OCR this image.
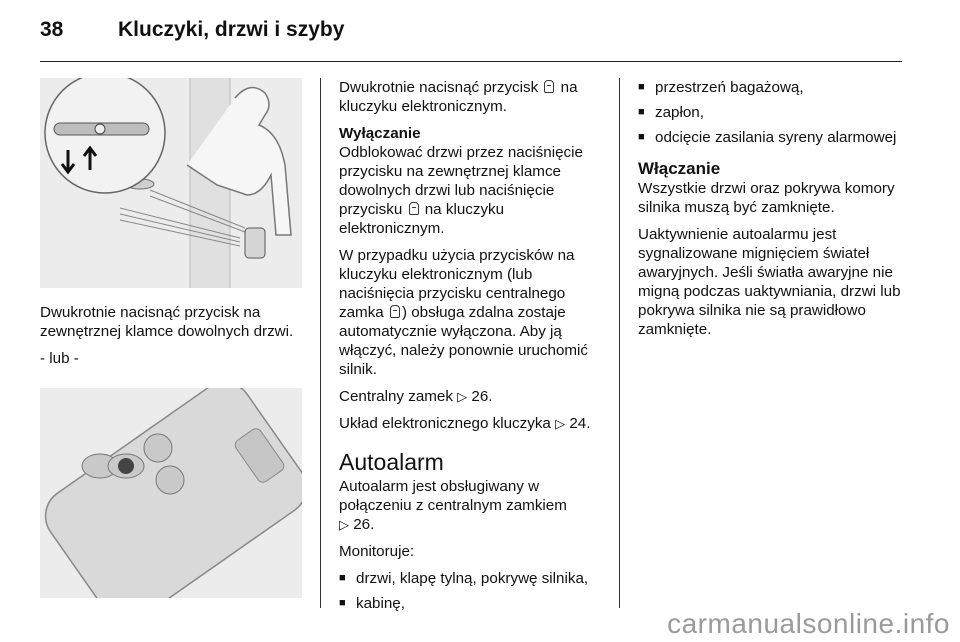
38	Kluczyki, drzwi i szyby

Dwukrotnie nacisnąć przycisk na zewnętrznej klamce dowolnych drzwi.

- lub -

Dwukrotnie nacisnąć przycisk  na kluczyku elektronicznym.

Wyłączanie

Odblokować drzwi przez naciśnięcie przycisku na zewnętrznej klamce dowolnych drzwi lub naciśnięcie przycisku  na kluczyku elektronicznym.

W przypadku użycia przycisków na kluczyku elektronicznym (lub naciśnięcia przycisku centralnego zamka ) obsługa zdalna zostaje automatycznie wyłączona. Aby ją włączyć, należy ponownie uruchomić silnik.

Centralny zamek ▷ 26.

Układ elektronicznego kluczyka ▷ 24.

Autoalarm

Autoalarm jest obsługiwany w połączeniu z centralnym zamkiem
▷ 26.

Monitoruje:

■ drzwi, klapę tylną, pokrywę silnika,
■ kabinę,
■ przestrzeń bagażową,
■ zapłon,
■ odcięcie zasilania syreny alarmowej
Włączanie

Wszystkie drzwi oraz pokrywa komory silnika muszą być zamknięte.

Uaktywnienie autoalarmu jest sygnalizowane mignięciem świateł awaryjnych. Jeśli światła awaryjne nie migną podczas uaktywniania, drzwi lub pokrywa silnika nie są prawidłowo zamknięte.

carmanualsonline.info
